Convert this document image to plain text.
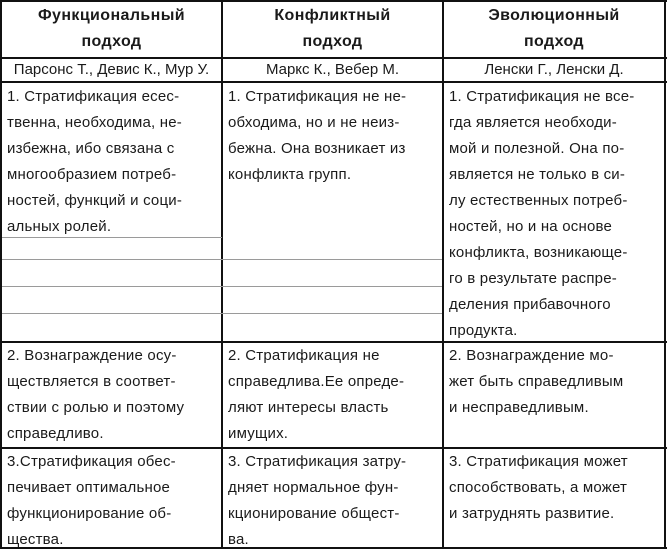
Функциональный
подход
Конфликтный
подход
Эволюционный
подход
Парсонс Т., Девис К., Мур У.	Маркс К., Вебер М.	Ленски Г., Ленски Д.
1. Стратификация есес-
твенна, необходима, не-
избежна, ибо связана с
многообразием потреб-
ностей, функций и соци-
альных ролей.
1. Стратификация не не-
обходима, но и не неиз-
бежна. Она возникает из
конфликта групп.
1. Стратификация не все-
гда является необходи-
мой и полезной. Она по-
является не только в си-
лу естественных потреб-
ностей, но и на основе
конфликта, возникающе-
го в результате распре-
деления прибавочного
продукта.
2. Вознаграждение осу-
ществляется в соответ-
ствии с ролью и поэтому
справедливо.
2. Стратификация не
справедлива.Ее опреде-
ляют интересы власть
имущих.
2. Вознаграждение мо-
жет быть справедливым
и несправедливым.
3.Стратификация обес-
печивает оптимальное
функционирование об-
щества.
3. Стратификация затру-
дняет нормальное фун-
кционирование общест-
ва.
3. Стратификация может
способствовать, а может
и затруднять развитие.
